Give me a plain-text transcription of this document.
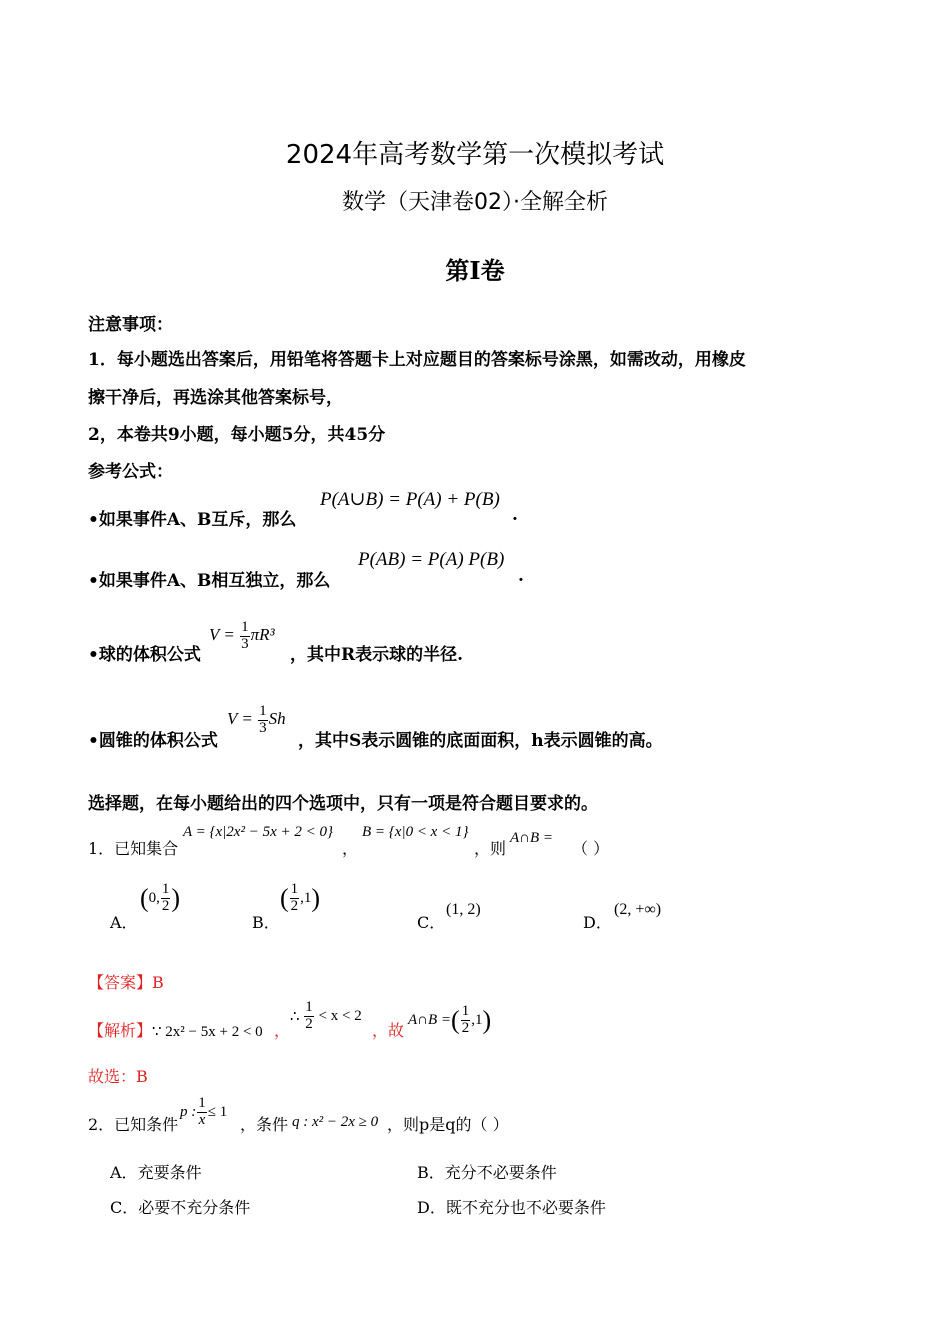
2024年高考数学第一次模拟考试
数学（天津卷02）·全解全析
第I卷
注意事项：
1．每小题选出答案后，用铅笔将答题卡上对应题目的答案标号涂黑，如需改动，用橡皮
擦干净后，再选涂其他答案标号，
2，本卷共9小题，每小题5分，共45分
参考公式：
•如果事件A、B互斥，那么
P(A∪B) = P(A) + P(B)
.
•如果事件A、B相互独立，那么
P(AB) = P(A) P(B)
.
•球的体积公式
$V = \frac{1}{3} \pi R^3$
，其中R表示球的半径.
•圆锥的体积公式
$V = \frac{1}{3}$ Sh
，其中S表示圆锥的底面面积，h表示圆锥的高。
选择题，在每小题给出的四个选项中，只有一项是符合题目要求的。
1．已知集合
A = {x|2x² − 5x + 2 < 0}
，
B = {x|0 < x < 1}
，则
A∩B =
（ ）
A．
(0, $\frac{1}{2}$ )
B．
( $\frac{1}{2} ,1$)
C．
(1, 2)
D．
(2, +∞)
【答案】B
【解析】 ∵ 2x² − 5x + 2 < 0 ，
∴ $\frac{1}{2} < x < 2$
，故
A∩B =( $\frac{1}{2} ,1$)
故选：B
2．已知条件
p : $\frac{1}{x} \le 1$
，条件 q : x² − 2x ≥ 0 ，则p是q的（ ）
A．充要条件	B．充分不必要条件
C．必要不充分条件	D．既不充分也不必要条件
